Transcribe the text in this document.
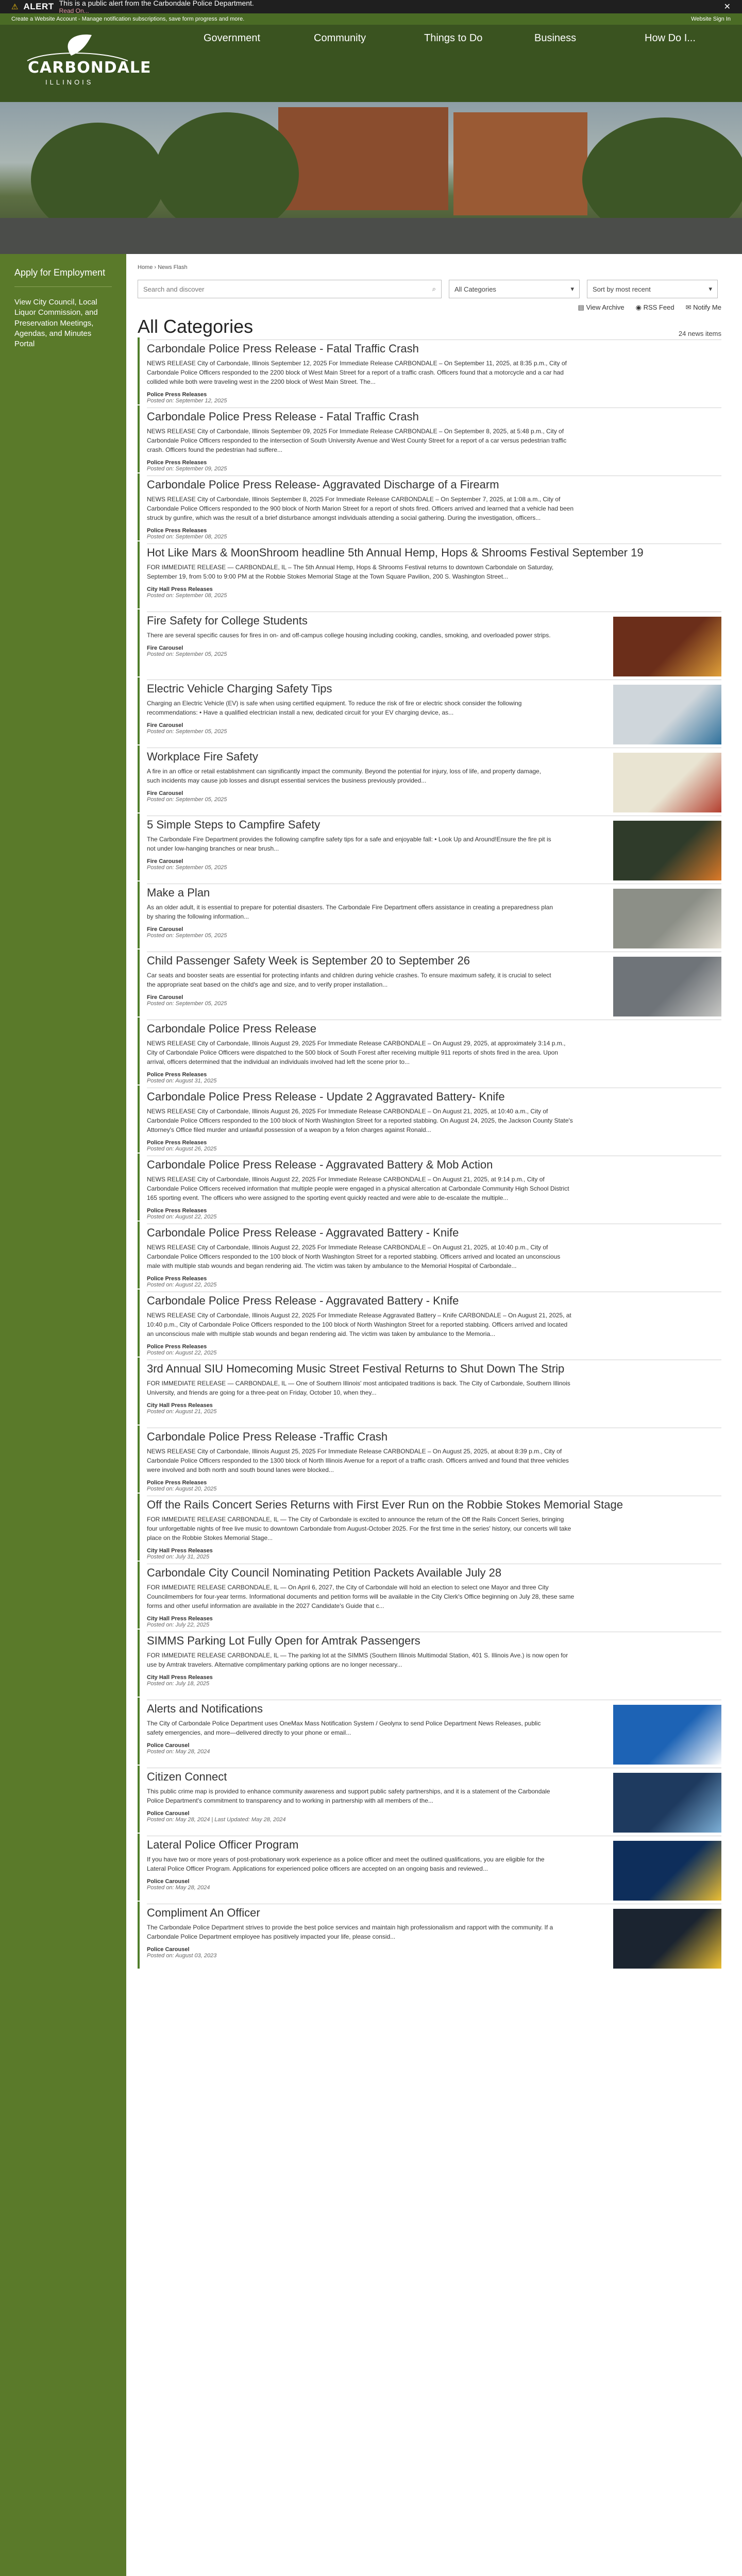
⚠ ALERT This is a public alert from the Carbondale Police Department.
Read On...	✕
Create a Website Account - Manage notification subscriptions, save form progress and more.	Website Sign In
CARBONDALE
ILLINOIS
Government	Community	Things to Do	Business	How Do I...
Apply for Employment

View City Council, Local Liquor Commission, and Preservation Meetings, Agendas, and Minutes Portal

Home › News Flash
Search and discover	⌕	All Categories	▾	Sort by most recent	▾
▤ View Archive ◉ RSS Feed ✉ Notify Me
All Categories	24 news items
Carbondale Police Press Release - Fatal Traffic Crash
NEWS RELEASE City of Carbondale, Illinois September 12, 2025 For Immediate Release CARBONDALE – On September 11, 2025, at 8:35 p.m., City of Carbondale Police Officers responded to the 2200 block of West Main Street for a report of a traffic crash. Officers found that a motorcycle and a car had collided while both were traveling west in the 2200 block of West Main Street. The...
Police Press Releases
Posted on: September 12, 2025
Carbondale Police Press Release - Fatal Traffic Crash
NEWS RELEASE City of Carbondale, Illinois September 09, 2025 For Immediate Release CARBONDALE – On September 8, 2025, at 5:48 p.m., City of Carbondale Police Officers responded to the intersection of South University Avenue and West County Street for a report of a car versus pedestrian traffic crash. Officers found the pedestrian had suffere...
Police Press Releases
Posted on: September 09, 2025
Carbondale Police Press Release- Aggravated Discharge of a Firearm
NEWS RELEASE City of Carbondale, Illinois September 8, 2025 For Immediate Release CARBONDALE – On September 7, 2025, at 1:08 a.m., City of Carbondale Police Officers responded to the 900 block of North Marion Street for a report of shots fired. Officers arrived and learned that a vehicle had been struck by gunfire, which was the result of a brief disturbance amongst individuals attending a social gathering. During the investigation, officers...
Police Press Releases
Posted on: September 08, 2025
Hot Like Mars & MoonShroom headline 5th Annual Hemp, Hops & Shrooms Festival September 19
FOR IMMEDIATE RELEASE — CARBONDALE, IL – The 5th Annual Hemp, Hops & Shrooms Festival returns to downtown Carbondale on Saturday, September 19, from 5:00 to 9:00 PM at the Robbie Stokes Memorial Stage at the Town Square Pavilion, 200 S. Washington Street...
City Hall Press Releases
Posted on: September 08, 2025
Fire Safety for College Students
There are several specific causes for fires in on- and off-campus college housing including cooking, candles, smoking, and overloaded power strips.
Fire Carousel
Posted on: September 05, 2025
Electric Vehicle Charging Safety Tips
Charging an Electric Vehicle (EV) is safe when using certified equipment. To reduce the risk of fire or electric shock consider the following recommendations: • Have a qualified electrician install a new, dedicated circuit for your EV charging device, as...
Fire Carousel
Posted on: September 05, 2025
Workplace Fire Safety
A fire in an office or retail establishment can significantly impact the community. Beyond the potential for injury, loss of life, and property damage, such incidents may cause job losses and disrupt essential services the business previously provided...
Fire Carousel
Posted on: September 05, 2025
5 Simple Steps to Campfire Safety
The Carbondale Fire Department provides the following campfire safety tips for a safe and enjoyable fall: • Look Up and Around!Ensure the fire pit is not under low-hanging branches or near brush...
Fire Carousel
Posted on: September 05, 2025
Make a Plan
As an older adult, it is essential to prepare for potential disasters. The Carbondale Fire Department offers assistance in creating a preparedness plan by sharing the following information...
Fire Carousel
Posted on: September 05, 2025
Child Passenger Safety Week is September 20 to September 26
Car seats and booster seats are essential for protecting infants and children during vehicle crashes. To ensure maximum safety, it is crucial to select the appropriate seat based on the child's age and size, and to verify proper installation...
Fire Carousel
Posted on: September 05, 2025
Carbondale Police Press Release
NEWS RELEASE City of Carbondale, Illinois August 29, 2025 For Immediate Release CARBONDALE – On August 29, 2025, at approximately 3:14 p.m., City of Carbondale Police Officers were dispatched to the 500 block of South Forest after receiving multiple 911 reports of shots fired in the area. Upon arrival, officers determined that the individual an individuals involved had left the scene prior to...
Police Press Releases
Posted on: August 31, 2025
Carbondale Police Press Release - Update 2 Aggravated Battery- Knife
NEWS RELEASE City of Carbondale, Illinois August 26, 2025 For Immediate Release CARBONDALE – On August 21, 2025, at 10:40 a.m., City of Carbondale Police Officers responded to the 100 block of North Washington Street for a reported stabbing. On August 24, 2025, the Jackson County State's Attorney's Office filed murder and unlawful possession of a weapon by a felon charges against Ronald...
Police Press Releases
Posted on: August 26, 2025
Carbondale Police Press Release - Aggravated Battery & Mob Action
NEWS RELEASE City of Carbondale, Illinois August 22, 2025 For Immediate Release CARBONDALE – On August 21, 2025, at 9:14 p.m., City of Carbondale Police Officers received information that multiple people were engaged in a physical altercation at Carbondale Community High School District 165 sporting event. The officers who were assigned to the sporting event quickly reacted and were able to de-escalate the multiple...
Police Press Releases
Posted on: August 22, 2025
Carbondale Police Press Release - Aggravated Battery - Knife
NEWS RELEASE City of Carbondale, Illinois August 22, 2025 For Immediate Release CARBONDALE – On August 21, 2025, at 10:40 p.m., City of Carbondale Police Officers responded to the 100 block of North Washington Street for a reported stabbing. Officers arrived and located an unconscious male with multiple stab wounds and began rendering aid. The victim was taken by ambulance to the Memorial Hospital of Carbondale...
Police Press Releases
Posted on: August 22, 2025
Carbondale Police Press Release - Aggravated Battery - Knife
NEWS RELEASE City of Carbondale, Illinois August 22, 2025 For Immediate Release Aggravated Battery – Knife CARBONDALE – On August 21, 2025, at 10:40 p.m., City of Carbondale Police Officers responded to the 100 block of North Washington Street for a reported stabbing. Officers arrived and located an unconscious male with multiple stab wounds and began rendering aid. The victim was taken by ambulance to the Memoria...
Police Press Releases
Posted on: August 22, 2025
3rd Annual SIU Homecoming Music Street Festival Returns to Shut Down The Strip
FOR IMMEDIATE RELEASE — CARBONDALE, IL — One of Southern Illinois' most anticipated traditions is back. The City of Carbondale, Southern Illinois University, and friends are going for a three-peat on Friday, October 10, when they...
City Hall Press Releases
Posted on: August 21, 2025
Carbondale Police Press Release -Traffic Crash
NEWS RELEASE City of Carbondale, Illinois August 25, 2025 For Immediate Release CARBONDALE – On August 25, 2025, at about 8:39 p.m., City of Carbondale Police Officers responded to the 1300 block of North Illinois Avenue for a report of a traffic crash. Officers arrived and found that three vehicles were involved and both north and south bound lanes were blocked...
Police Press Releases
Posted on: August 20, 2025
Off the Rails Concert Series Returns with First Ever Run on the Robbie Stokes Memorial Stage
FOR IMMEDIATE RELEASE CARBONDALE, IL — The City of Carbondale is excited to announce the return of the Off the Rails Concert Series, bringing four unforgettable nights of free live music to downtown Carbondale from August-October 2025. For the first time in the series' history, our concerts will take place on the Robbie Stokes Memorial Stage...
City Hall Press Releases
Posted on: July 31, 2025
Carbondale City Council Nominating Petition Packets Available July 28
FOR IMMEDIATE RELEASE CARBONDALE, IL — On April 6, 2027, the City of Carbondale will hold an election to select one Mayor and three City Councilmembers for four-year terms. Informational documents and petition forms will be available in the City Clerk's Office beginning on July 28, these same forms and other useful information are available in the 2027 Candidate's Guide that c...
City Hall Press Releases
Posted on: July 22, 2025
SIMMS Parking Lot Fully Open for Amtrak Passengers
FOR IMMEDIATE RELEASE CARBONDALE, IL — The parking lot at the SIMMS (Southern Illinois Multimodal Station, 401 S. Illinois Ave.) is now open for use by Amtrak travelers. Alternative complimentary parking options are no longer necessary...
City Hall Press Releases
Posted on: July 18, 2025
Alerts and Notifications
The City of Carbondale Police Department uses OneMax Mass Notification System / Geolynx to send Police Department News Releases, public safety emergencies, and more—delivered directly to your phone or email...
Police Carousel
Posted on: May 28, 2024
Citizen Connect
This public crime map is provided to enhance community awareness and support public safety partnerships, and it is a statement of the Carbondale Police Department's commitment to transparency and to working in partnership with all members of the...
Police Carousel
Posted on: May 28, 2024 | Last Updated: May 28, 2024
Lateral Police Officer Program
If you have two or more years of post-probationary work experience as a police officer and meet the outlined qualifications, you are eligible for the Lateral Police Officer Program. Applications for experienced police officers are accepted on an ongoing basis and reviewed...
Police Carousel
Posted on: May 28, 2024
Compliment An Officer
The Carbondale Police Department strives to provide the best police services and maintain high professionalism and rapport with the community. If a Carbondale Police Department employee has positively impacted your life, please consid...
Police Carousel
Posted on: August 03, 2023
